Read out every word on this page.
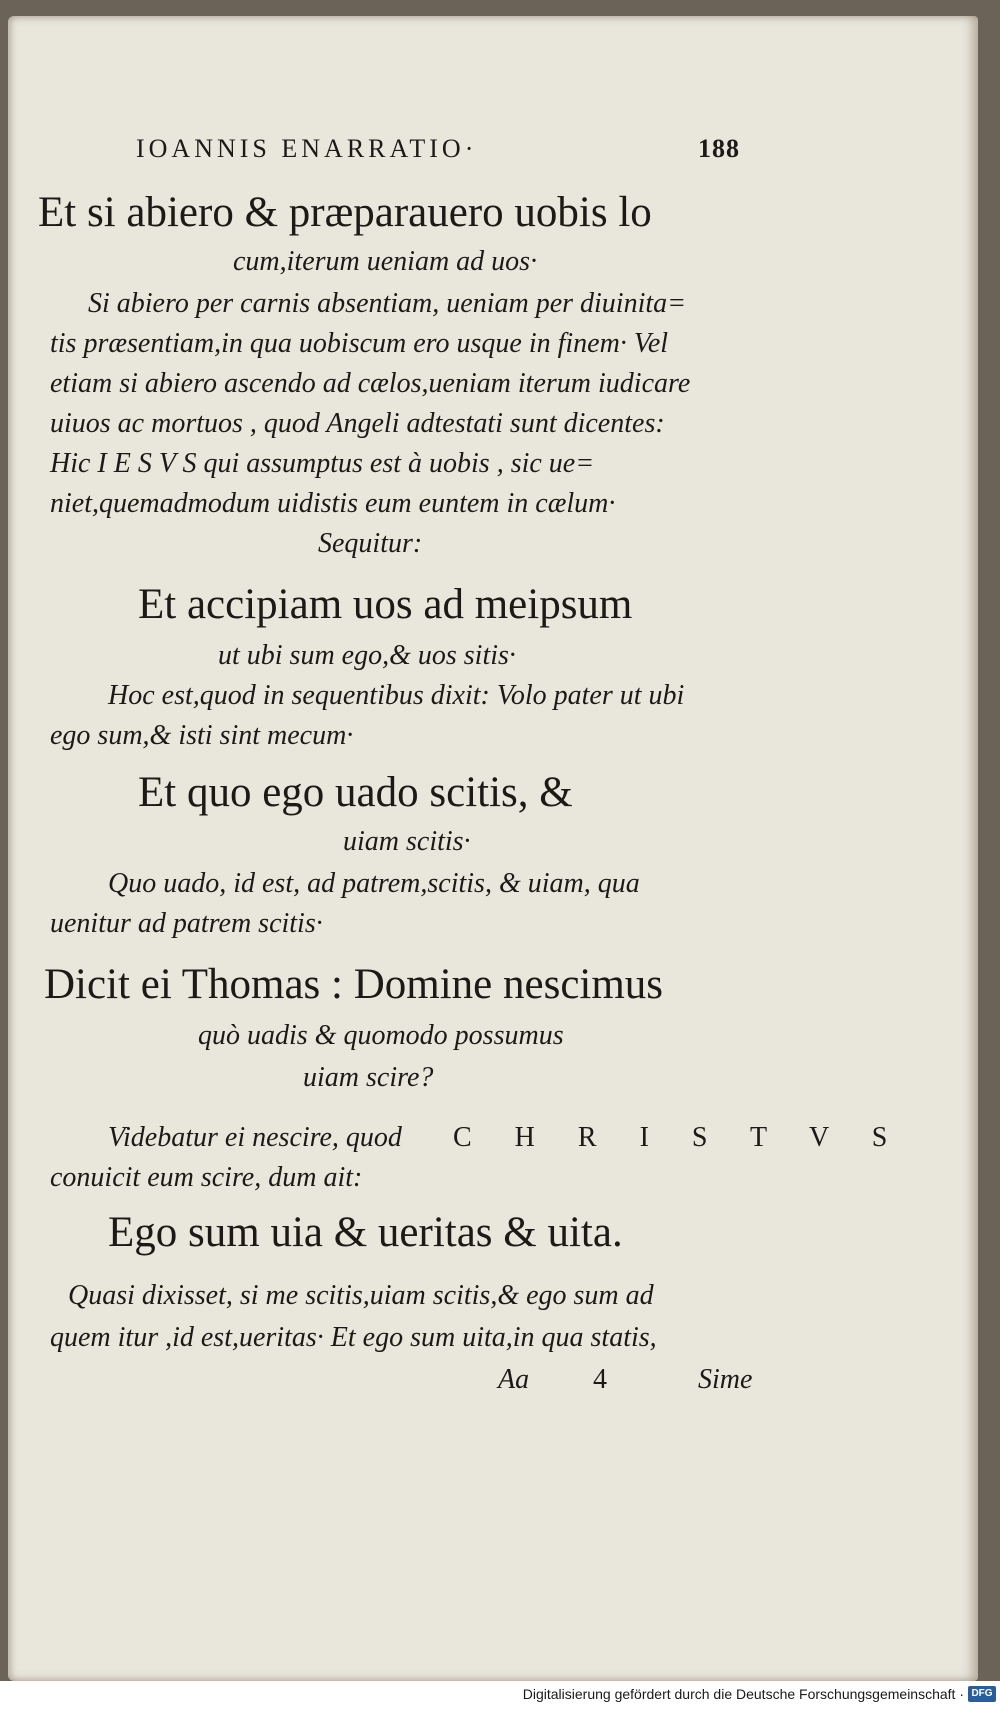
IOANNIS ENARRATIO·	188
Et si abiero & præparauero uobis lo
cum,iterum ueniam ad uos·
Si abiero per carnis absentiam, ueniam per diuinita=
tis præsentiam,in qua uobiscum ero usque in finem· Vel
etiam si abiero ascendo ad cælos,ueniam iterum iudicare
uiuos ac mortuos , quod Angeli adtestati sunt dicentes:
Hic I E S V S qui assumptus est à uobis , sic ue=
niet,quemadmodum uidistis eum euntem in cælum·
Sequitur:
Et accipiam uos ad meipsum
ut ubi sum ego,& uos sitis·
Hoc est,quod in sequentibus dixit: Volo pater ut ubi
ego sum,& isti sint mecum·
Et quo ego uado scitis, &
uiam scitis·
Quo uado, id est, ad patrem,scitis, & uiam, qua
uenitur ad patrem scitis·
Dicit ei Thomas : Domine nescimus
quò uadis & quomodo possumus
uiam scire?
Videbatur ei nescire, quod C H R I S T V S
conuicit eum scire, dum ait:
Ego sum uia & ueritas & uita.
Quasi dixisset, si me scitis,uiam scitis,& ego sum ad
quem itur ,id est,ueritas· Et ego sum uita,in qua statis,
Aa 4	Sime
Digitalisierung gefördert durch die Deutsche Forschungsgemeinschaft · DFG
